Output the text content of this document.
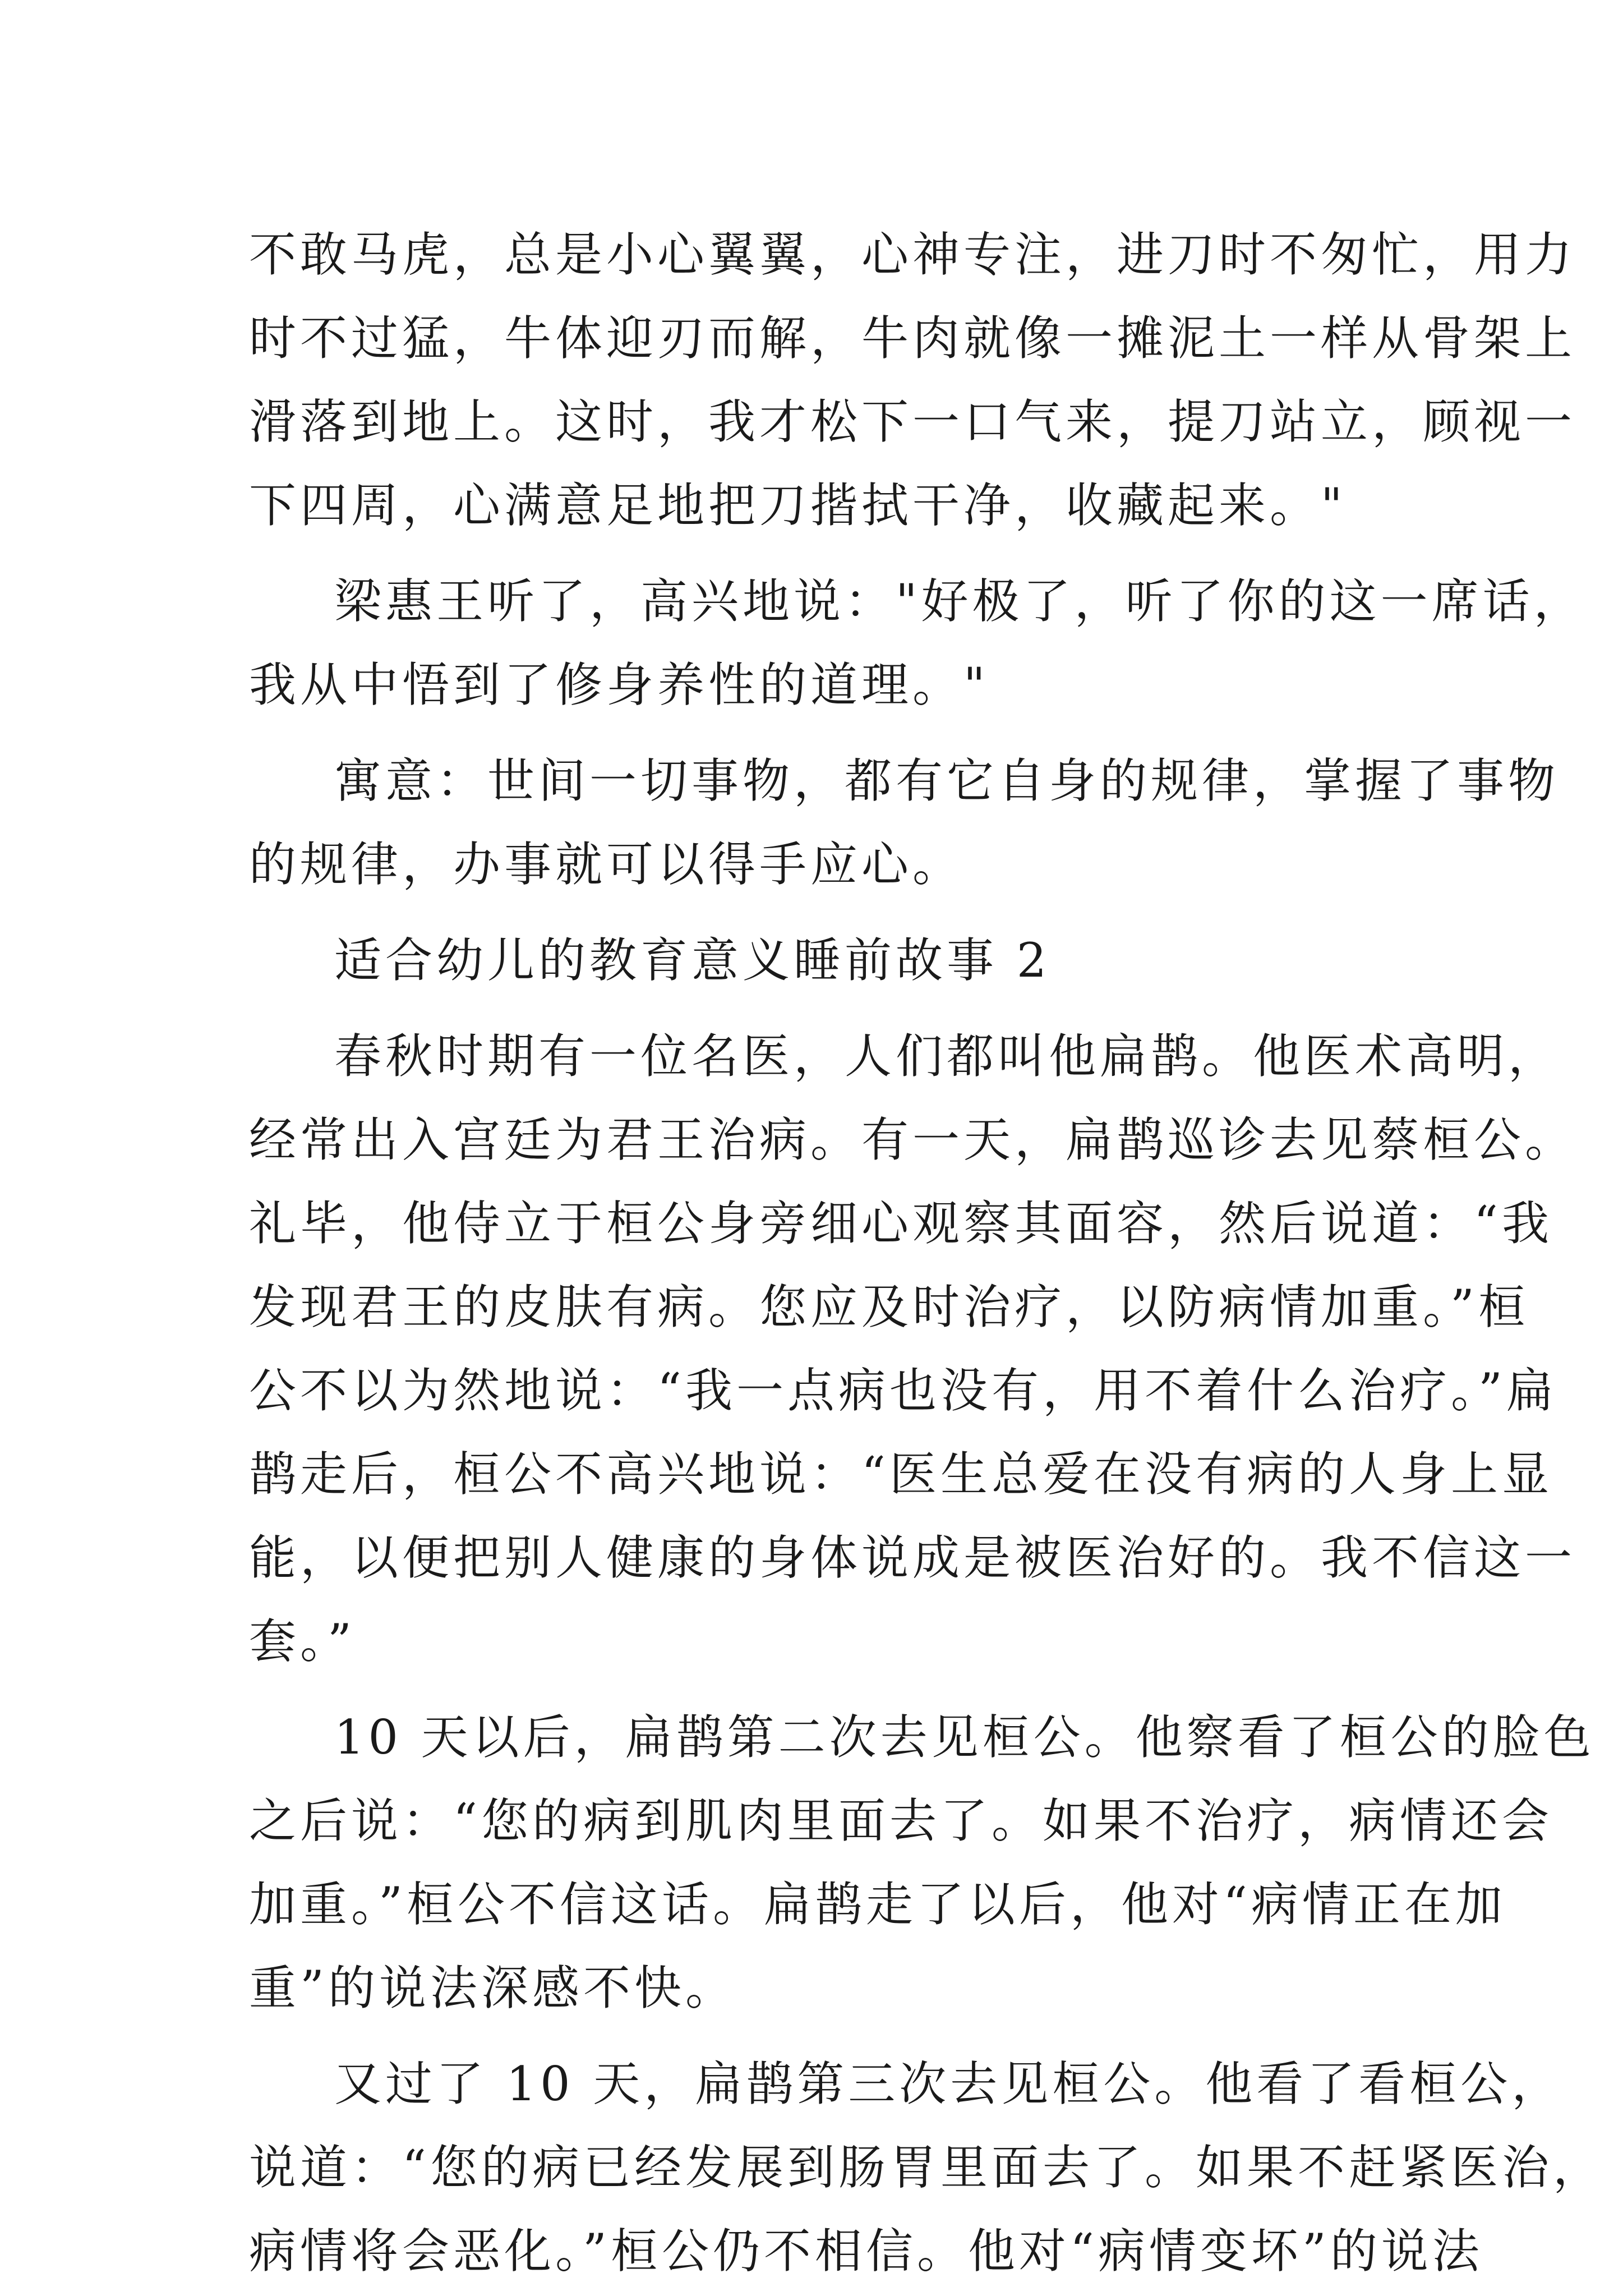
不敢马虎，总是小心翼翼，心神专注，进刀时不匆忙，用力
时不过猛，牛体迎刃而解，牛肉就像一摊泥土一样从骨架上
滑落到地上。这时，我才松下一口气来，提刀站立，顾视一
下四周，心满意足地把刀揩拭干净，收藏起来。"

梁惠王听了，高兴地说："好极了，听了你的这一席话，
我从中悟到了修身养性的道理。"

寓意：世间一切事物，都有它自身的规律，掌握了事物
的规律，办事就可以得手应心。

适合幼儿的教育意义睡前故事 2

春秋时期有一位名医，人们都叫他扁鹊。他医术高明，
经常出入宫廷为君王治病。有一天，扁鹊巡诊去见蔡桓公。
礼毕，他侍立于桓公身旁细心观察其面容，然后说道：“我
发现君王的皮肤有病。您应及时治疗，以防病情加重。”桓
公不以为然地说：“我一点病也没有，用不着什么治疗。”扁
鹊走后，桓公不高兴地说：“医生总爱在没有病的人身上显
能，以便把别人健康的身体说成是被医治好的。我不信这一
套。”

10 天以后，扁鹊第二次去见桓公。他察看了桓公的脸色
之后说：“您的病到肌肉里面去了。如果不治疗，病情还会
加重。”桓公不信这话。扁鹊走了以后，他对“病情正在加
重”的说法深感不快。

又过了 10 天，扁鹊第三次去见桓公。他看了看桓公，
说道：“您的病已经发展到肠胃里面去了。如果不赶紧医治，
病情将会恶化。”桓公仍不相信。他对“病情变坏”的说法
